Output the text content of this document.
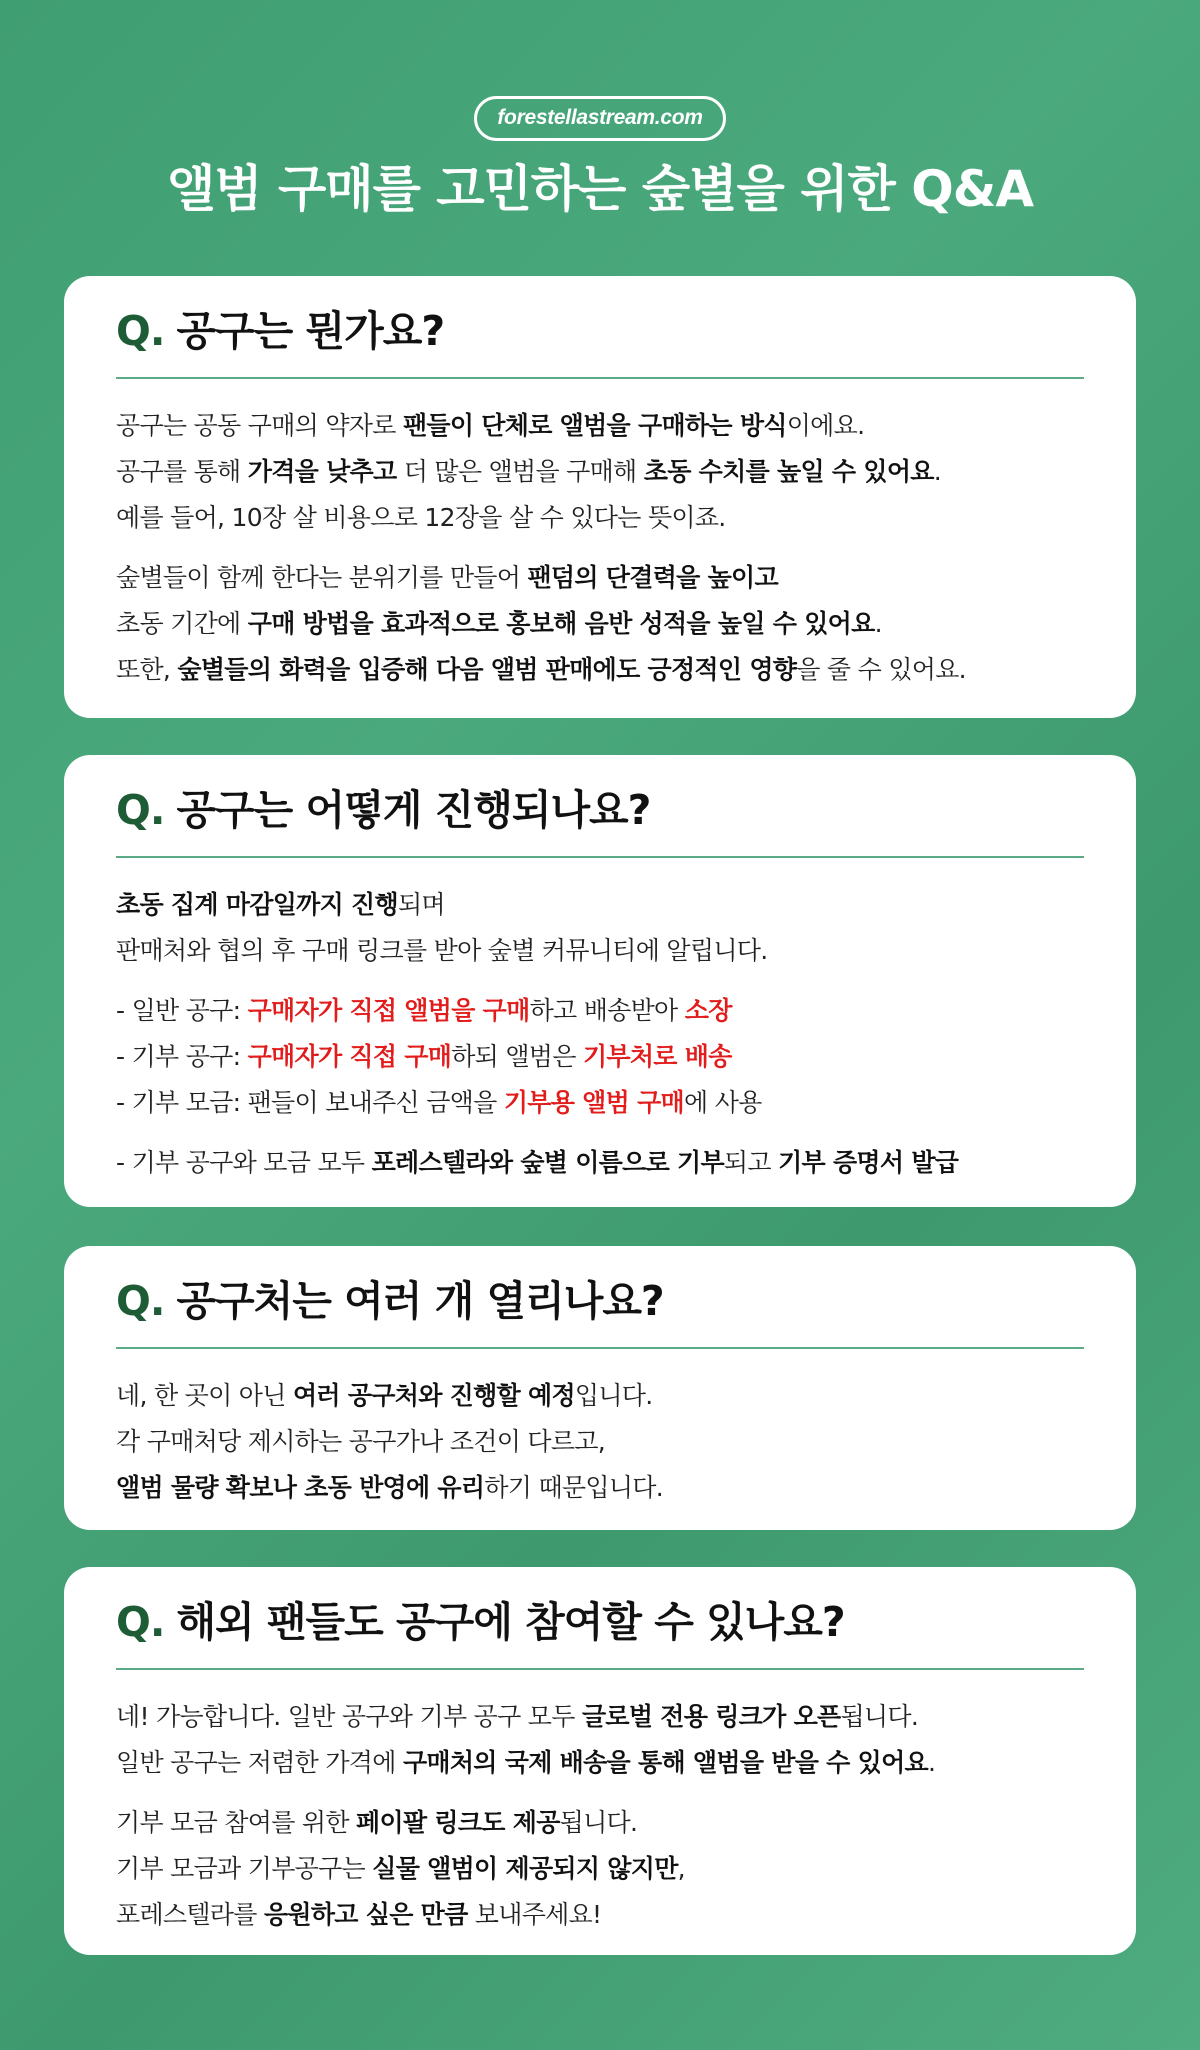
forestellastream.com
앨범 구매를 고민하는 숲별을 위한 Q&A
Q. 공구는 뭔가요?
공구는 공동 구매의 약자로 팬들이 단체로 앨범을 구매하는 방식이에요.
공구를 통해 가격을 낮추고 더 많은 앨범을 구매해 초동 수치를 높일 수 있어요.
예를 들어, 10장 살 비용으로 12장을 살 수 있다는 뜻이죠.
숲별들이 함께 한다는 분위기를 만들어 팬덤의 단결력을 높이고
초동 기간에 구매 방법을 효과적으로 홍보해 음반 성적을 높일 수 있어요.
또한, 숲별들의 화력을 입증해 다음 앨범 판매에도 긍정적인 영향을 줄 수 있어요.
Q. 공구는 어떻게 진행되나요?
초동 집계 마감일까지 진행되며
판매처와 협의 후 구매 링크를 받아 숲별 커뮤니티에 알립니다.
- 일반 공구: 구매자가 직접 앨범을 구매하고 배송받아 소장
- 기부 공구: 구매자가 직접 구매하되 앨범은 기부처로 배송
- 기부 모금: 팬들이 보내주신 금액을 기부용 앨범 구매에 사용
- 기부 공구와 모금 모두 포레스텔라와 숲별 이름으로 기부되고 기부 증명서 발급
Q. 공구처는 여러 개 열리나요?
네, 한 곳이 아닌 여러 공구처와 진행할 예정입니다.
각 구매처당 제시하는 공구가나 조건이 다르고,
앨범 물량 확보나 초동 반영에 유리하기 때문입니다.
Q. 해외 팬들도 공구에 참여할 수 있나요?
네! 가능합니다. 일반 공구와 기부 공구 모두 글로벌 전용 링크가 오픈됩니다.
일반 공구는 저렴한 가격에 구매처의 국제 배송을 통해 앨범을 받을 수 있어요.
기부 모금 참여를 위한 페이팔 링크도 제공됩니다.
기부 모금과 기부공구는 실물 앨범이 제공되지 않지만,
포레스텔라를 응원하고 싶은 만큼 보내주세요!
